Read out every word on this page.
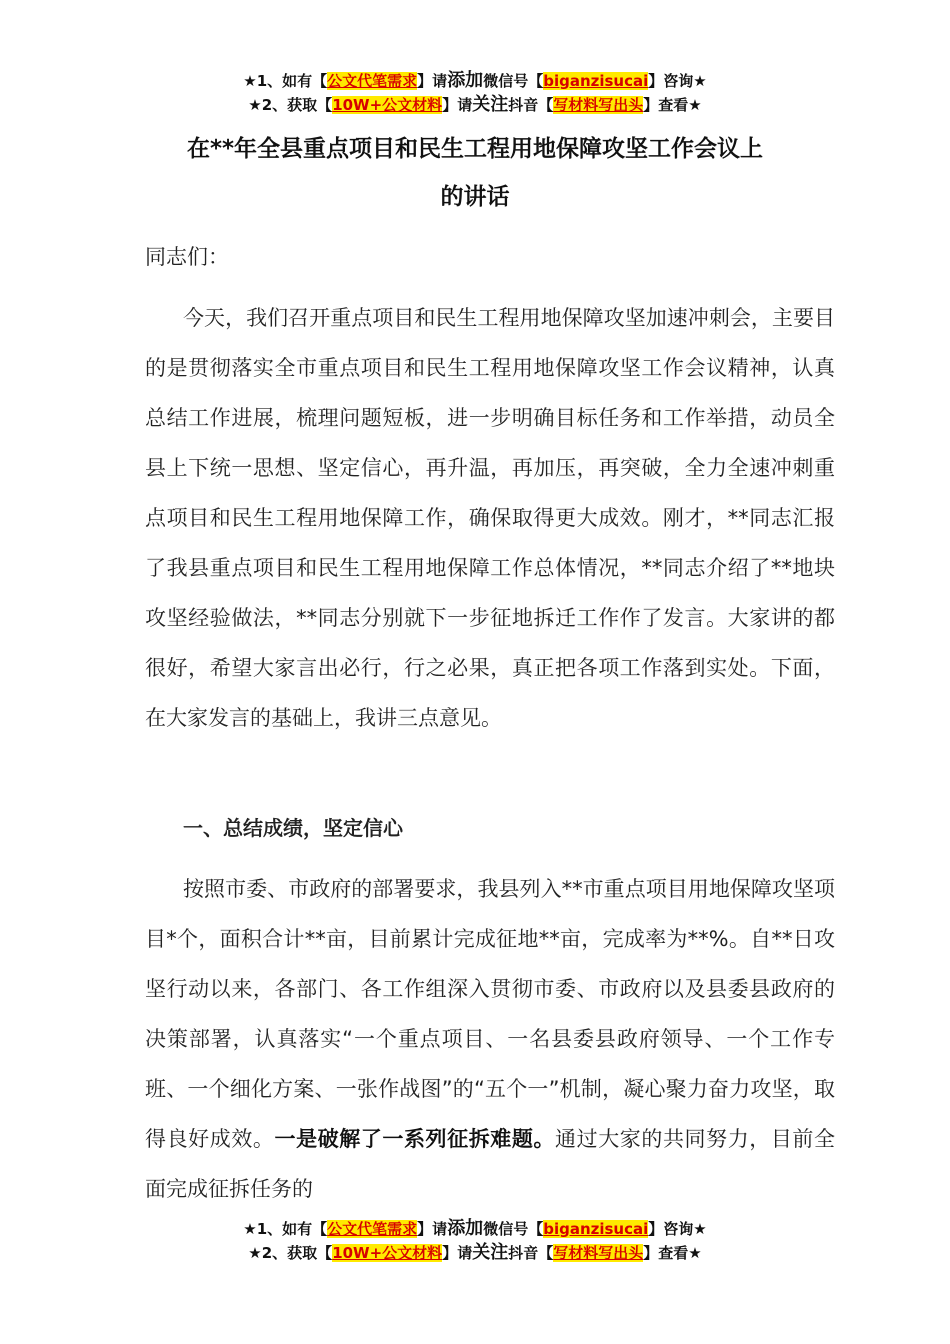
★1、如有【公文代笔需求】请添加微信号【biganzisucai】咨询★
★2、获取【10W+公文材料】请关注抖音【写材料写出头】查看★
在**年全县重点项目和民生工程用地保障攻坚工作会议上
的讲话
同志们：
今天，我们召开重点项目和民生工程用地保障攻坚加速冲刺会，主要目的是贯彻落实全市重点项目和民生工程用地保障攻坚工作会议精神，认真总结工作进展，梳理问题短板，进一步明确目标任务和工作举措，动员全县上下统一思想、坚定信心，再升温，再加压，再突破，全力全速冲刺重点项目和民生工程用地保障工作，确保取得更大成效。刚才，**同志汇报了我县重点项目和民生工程用地保障工作总体情况，**同志介绍了**地块攻坚经验做法，**同志分别就下一步征地拆迁工作作了发言。大家讲的都很好，希望大家言出必行，行之必果，真正把各项工作落到实处。下面，在大家发言的基础上，我讲三点意见。
一、总结成绩，坚定信心
按照市委、市政府的部署要求，我县列入**市重点项目用地保障攻坚项目*个，面积合计**亩，目前累计完成征地**亩，完成率为**%。自**日攻坚行动以来，各部门、各工作组深入贯彻市委、市政府以及县委县政府的决策部署，认真落实“一个重点项目、一名县委县政府领导、一个工作专班、一个细化方案、一张作战图”的“五个一”机制，凝心聚力奋力攻坚，取得良好成效。一是破解了一系列征拆难题。通过大家的共同努力，目前全面完成征拆任务的
★1、如有【公文代笔需求】请添加微信号【biganzisucai】咨询★
★2、获取【10W+公文材料】请关注抖音【写材料写出头】查看★
